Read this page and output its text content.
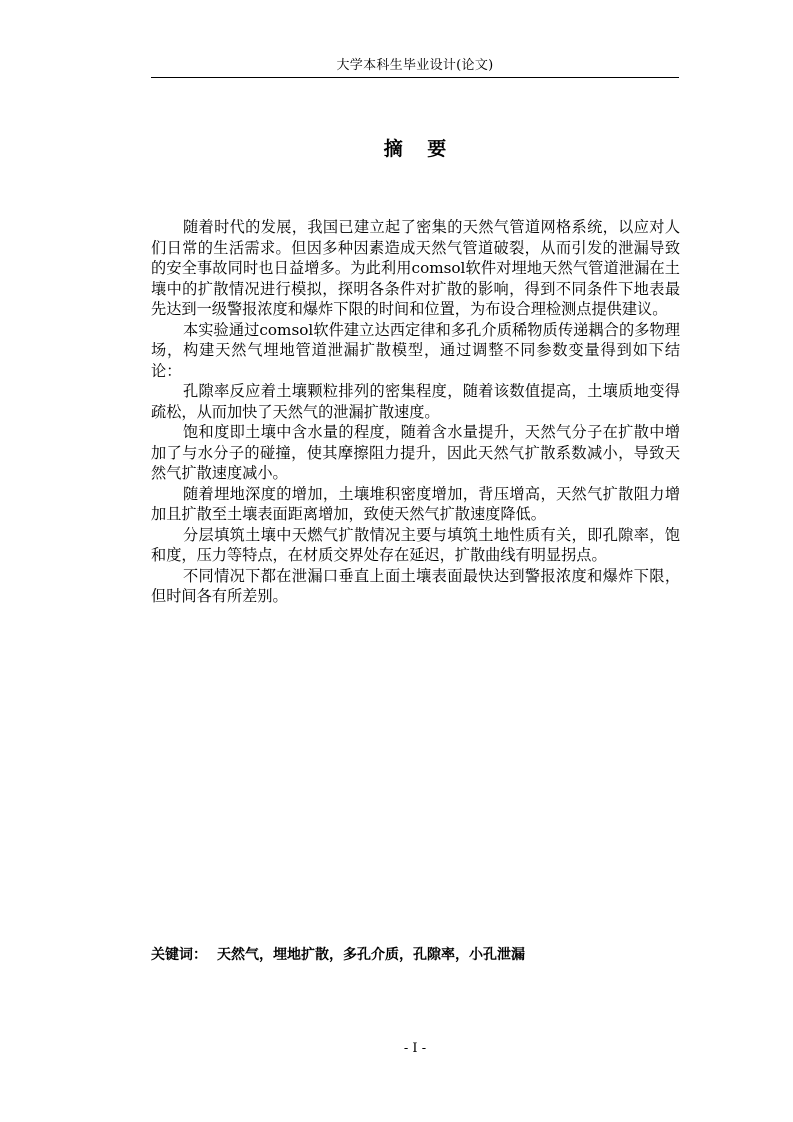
大学本科生毕业设计(论文)
摘 要

随着时代的发展，我国已建立起了密集的天然气管道网格系统，以应对人们日常的生活需求。但因多种因素造成天然气管道破裂，从而引发的泄漏导致的安全事故同时也日益增多。为此利用comsol软件对埋地天然气管道泄漏在土壤中的扩散情况进行模拟，探明各条件对扩散的影响，得到不同条件下地表最先达到一级警报浓度和爆炸下限的时间和位置，为布设合理检测点提供建议。

本实验通过comsol软件建立达西定律和多孔介质稀物质传递耦合的多物理场，构建天然气埋地管道泄漏扩散模型，通过调整不同参数变量得到如下结论：

孔隙率反应着土壤颗粒排列的密集程度，随着该数值提高，土壤质地变得疏松，从而加快了天然气的泄漏扩散速度。

饱和度即土壤中含水量的程度，随着含水量提升，天然气分子在扩散中增加了与水分子的碰撞，使其摩擦阻力提升，因此天然气扩散系数减小，导致天然气扩散速度减小。

随着埋地深度的增加，土壤堆积密度增加，背压增高，天然气扩散阻力增加且扩散至土壤表面距离增加，致使天然气扩散速度降低。

分层填筑土壤中天燃气扩散情况主要与填筑土地性质有关，即孔隙率，饱和度，压力等特点，在材质交界处存在延迟，扩散曲线有明显拐点。

不同情况下都在泄漏口垂直上面土壤表面最快达到警报浓度和爆炸下限，但时间各有所差别。

关键词： 天然气，埋地扩散，多孔介质，孔隙率，小孔泄漏
- I -
